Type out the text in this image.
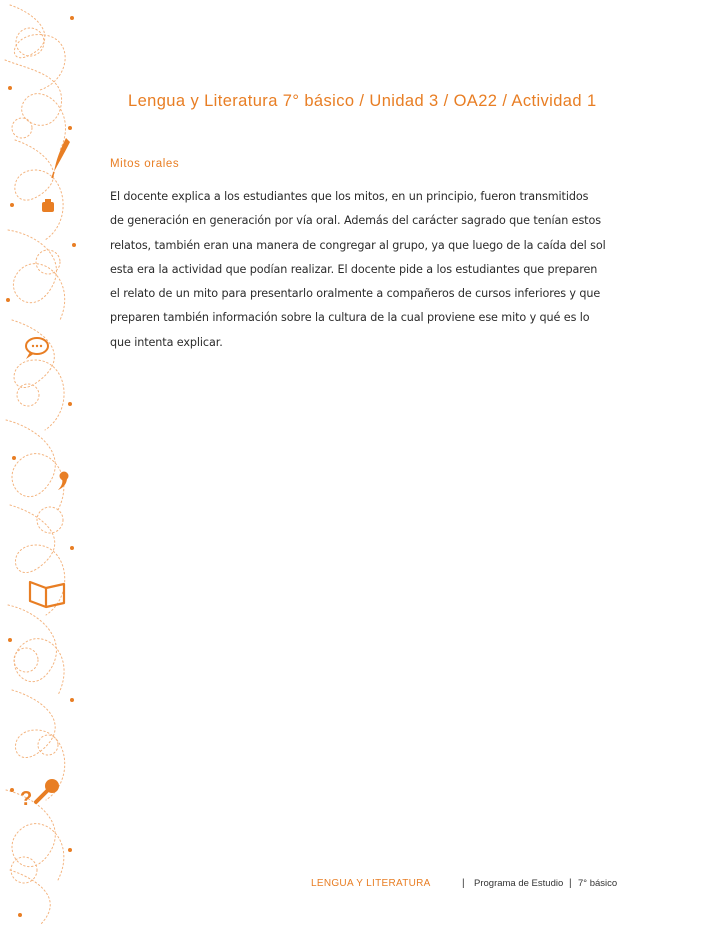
?
Lengua y Literatura 7° básico / Unidad 3 / OA22 / Actividad 1
Mitos orales
El docente explica a los estudiantes que los mitos, en un principio, fueron transmitidos
de generación en generación por vía oral. Además del carácter sagrado que tenían estos
relatos, también eran una manera de congregar al grupo, ya que luego de la caída del sol
esta era la actividad que podían realizar. El docente pide a los estudiantes que preparen
el relato de un mito para presentarlo oralmente a compañeros de cursos inferiores y que
preparen también información sobre la cultura de la cual proviene ese mito y qué es lo
que intenta explicar.
LENGUA Y LITERATURA	| Programa de Estudio | 7° básico
